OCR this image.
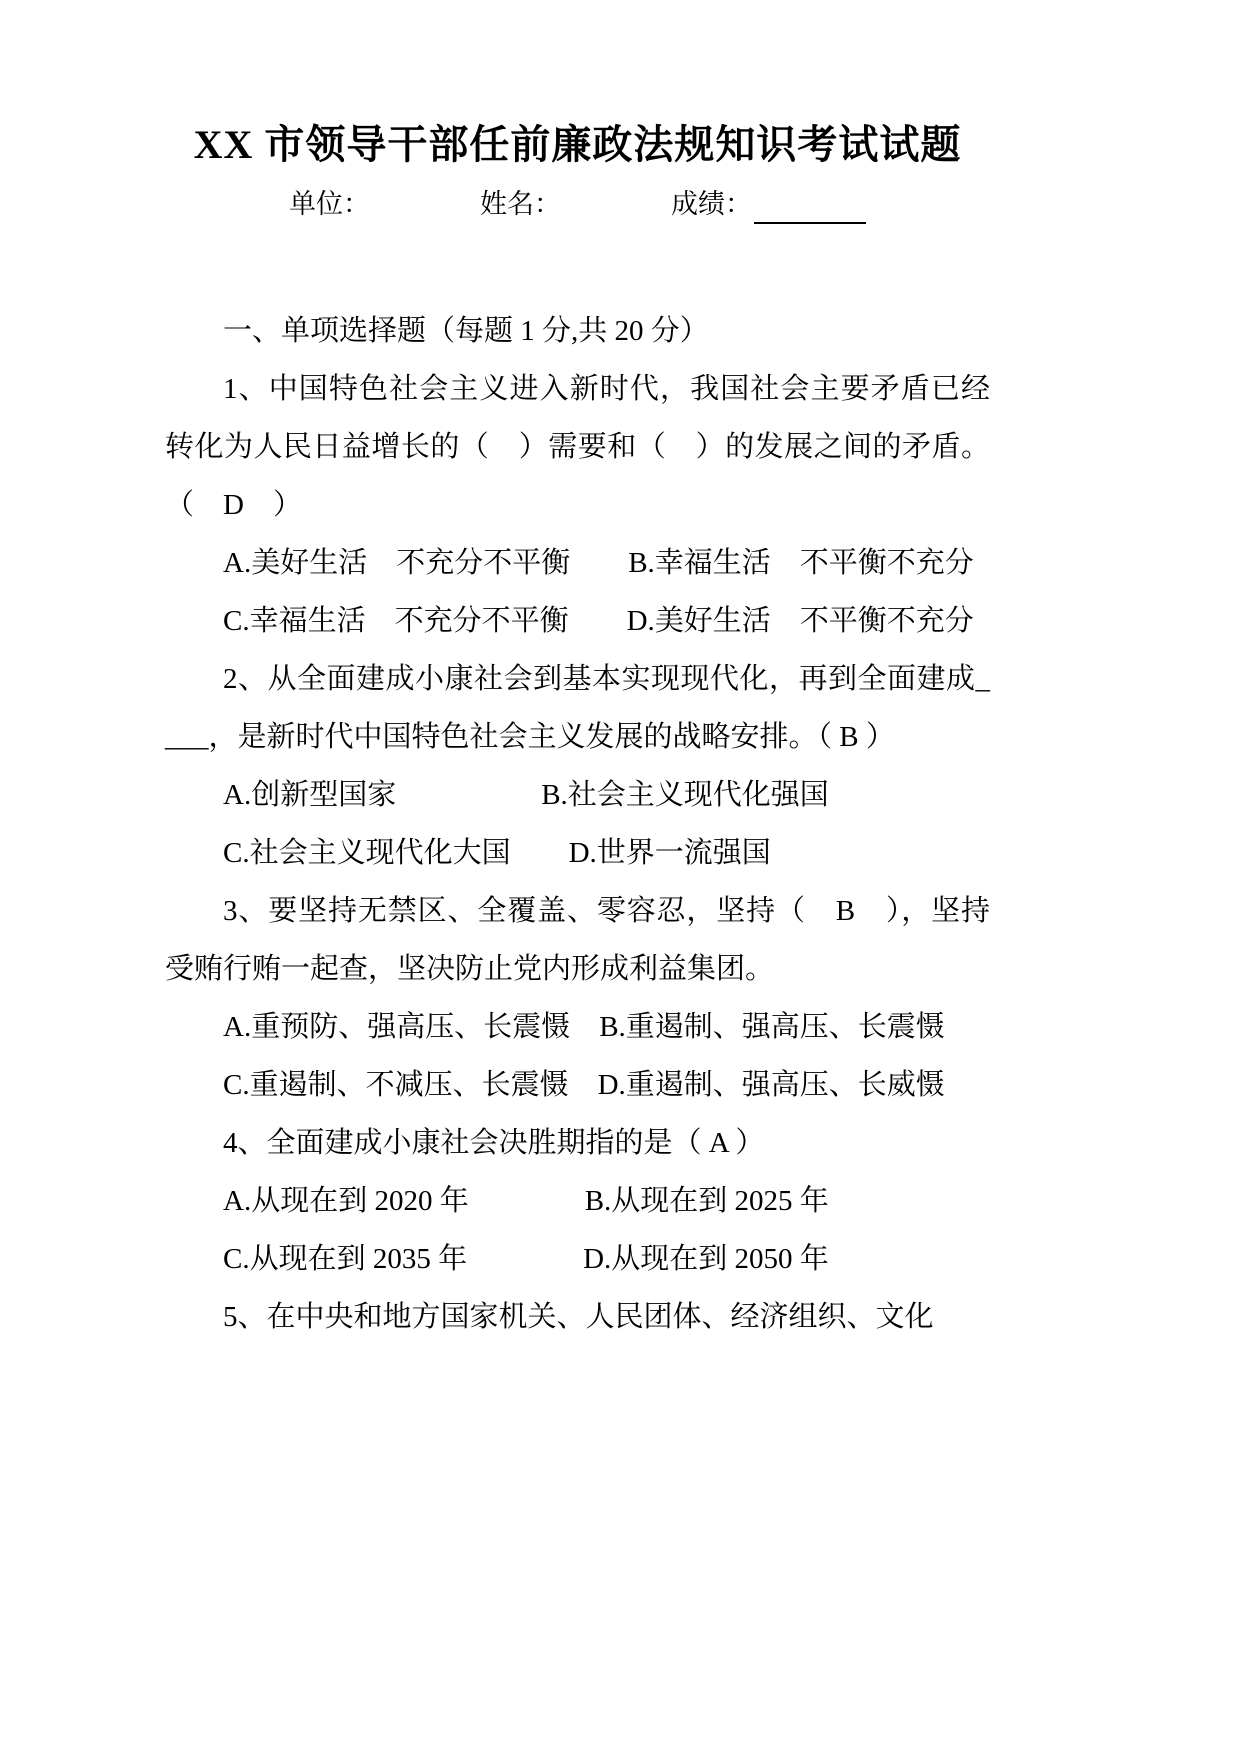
XX 市领导干部任前廉政法规知识考试试题
单位：	姓名：	成绩：

一、单项选择题（每题 1 分,共 20 分）

1、中国特色社会主义进入新时代，我国社会主要矛盾已经转化为人民日益增长的（　）需要和（　）的发展之间的矛盾。（　D　）

A.美好生活　不充分不平衡　　B.幸福生活　不平衡不充分

C.幸福生活　不充分不平衡　　D.美好生活　不平衡不充分

2、从全面建成小康社会到基本实现现代化，再到全面建成____，是新时代中国特色社会主义发展的战略安排。（ B ）

A.创新型国家　　　　　B.社会主义现代化强国

C.社会主义现代化大国　　D.世界一流强国

3、要坚持无禁区、全覆盖、零容忍，坚持（　B　），坚持受贿行贿一起查，坚决防止党内形成利益集团。

A.重预防、强高压、长震慑　B.重遏制、强高压、长震慑

C.重遏制、不减压、长震慑　D.重遏制、强高压、长威慑

4、全面建成小康社会决胜期指的是（ A ）

A.从现在到 2020 年　　　　B.从现在到 2025 年

C.从现在到 2035 年　　　　D.从现在到 2050 年

5、在中央和地方国家机关、人民团体、经济组织、文化
